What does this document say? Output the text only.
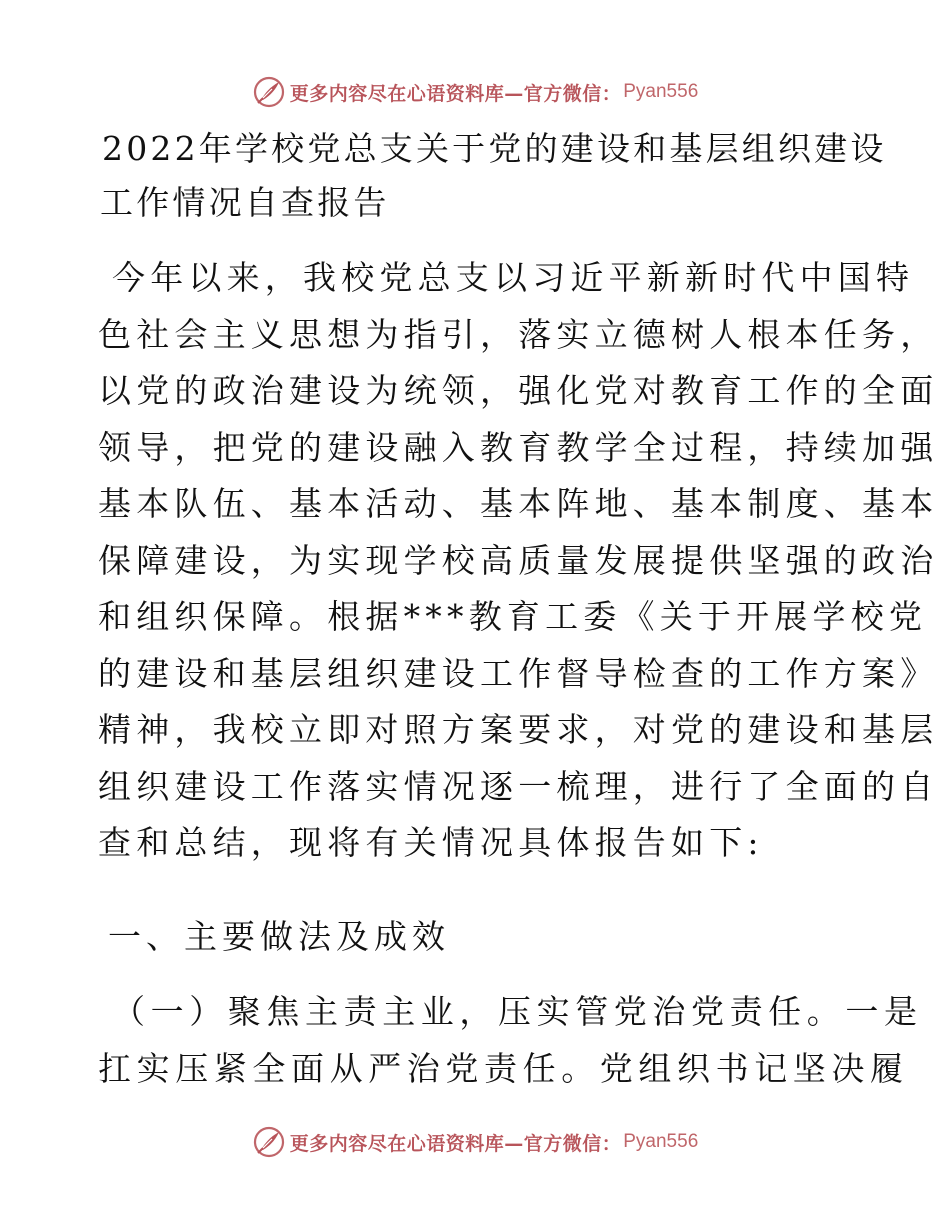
更多内容尽在心语资料库—官方微信： Pyan556
2022年学校党总支关于党的建设和基层组织建设
工作情况自查报告
今年以来，我校党总支以习近平新新时代中国特
色社会主义思想为指引，落实立德树人根本任务，
以党的政治建设为统领，强化党对教育工作的全面
领导，把党的建设融入教育教学全过程，持续加强
基本队伍、基本活动、基本阵地、基本制度、基本
保障建设，为实现学校高质量发展提供坚强的政治
和组织保障。根据***教育工委《关于开展学校党
的建设和基层组织建设工作督导检查的工作方案》
精神，我校立即对照方案要求，对党的建设和基层
组织建设工作落实情况逐一梳理，进行了全面的自
查和总结，现将有关情况具体报告如下:
一、主要做法及成效
（一）聚焦主责主业，压实管党治党责任。一是
扛实压紧全面从严治党责任。党组织书记坚决履
更多内容尽在心语资料库—官方微信： Pyan556
